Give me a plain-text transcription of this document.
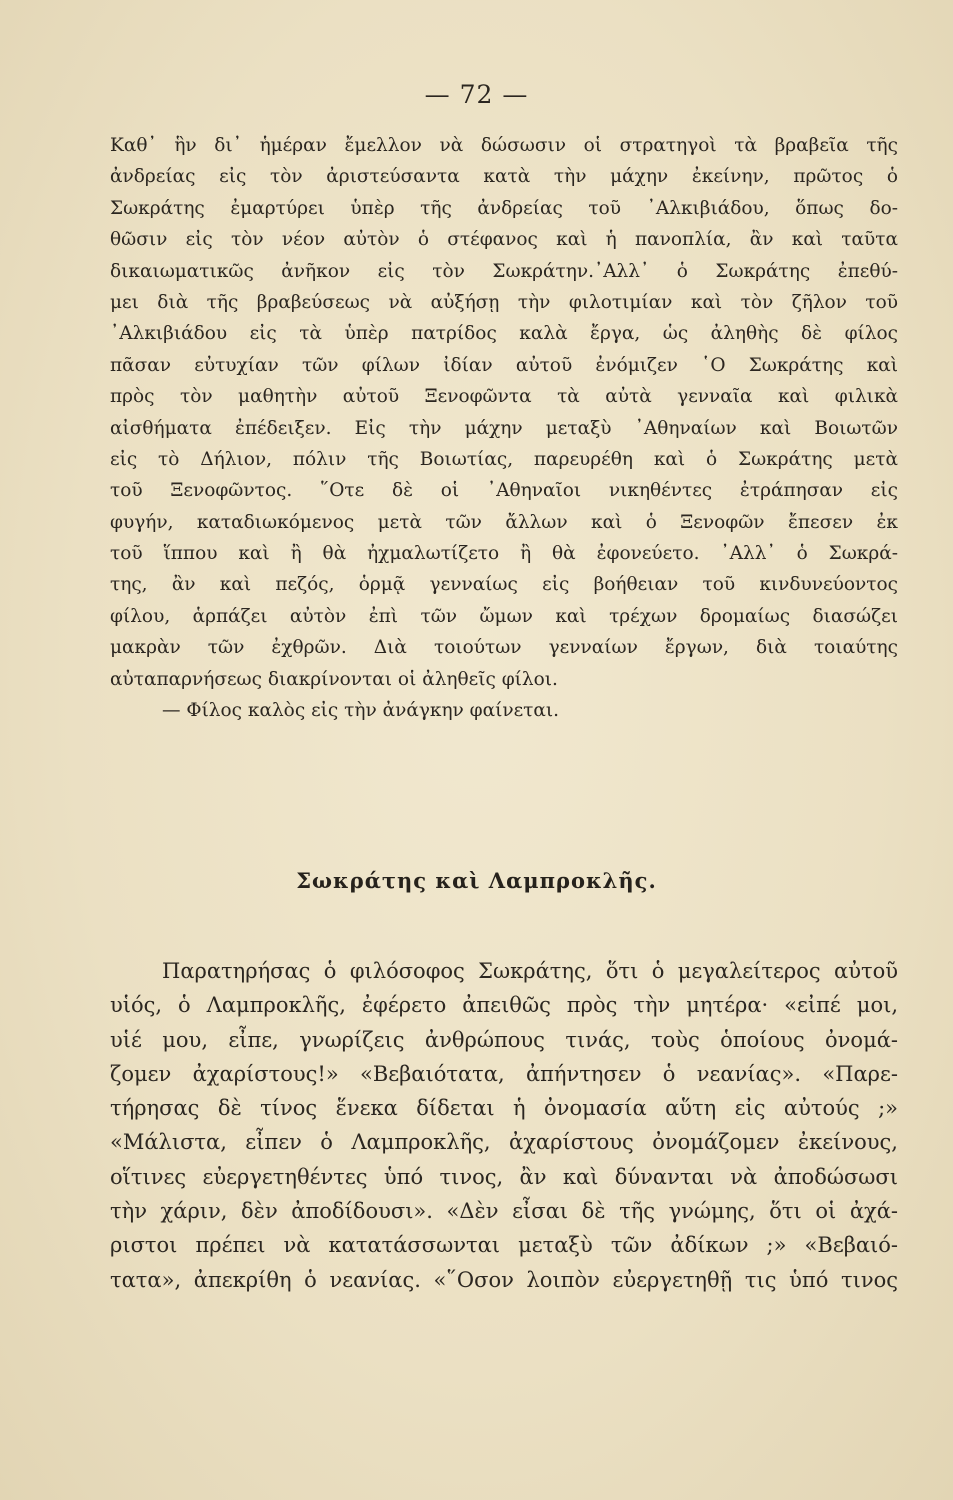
— 72 —
Καθ᾽ ἣν δι᾽ ἡμέραν ἔμελλον νὰ δώσωσιν οἱ στρατηγοὶ τὰ βραβεῖα τῆς
ἀνδρείας εἰς τὸν ἀριστεύσαντα κατὰ τὴν μάχην ἐκείνην, πρῶτος ὁ
Σωκράτης ἐμαρτύρει ὑπὲρ τῆς ἀνδρείας τοῦ ᾽Αλκιβιάδου, ὅπως δο-
θῶσιν εἰς τὸν νέον αὐτὸν ὁ στέφανος καὶ ἡ πανοπλία, ἂν καὶ ταῦτα
δικαιωματικῶς ἀνῆκον εἰς τὸν Σωκράτην.᾽Αλλ᾽ ὁ Σωκράτης ἐπεθύ-
μει διὰ τῆς βραβεύσεως νὰ αὐξήσῃ τὴν φιλοτιμίαν καὶ τὸν ζῆλον τοῦ
᾽Αλκιβιάδου εἰς τὰ ὑπὲρ πατρίδος καλὰ ἔργα, ὡς ἀληθὴς δὲ φίλος
πᾶσαν εὐτυχίαν τῶν φίλων ἰδίαν αὐτοῦ ἐνόμιζεν ῾Ο Σωκράτης καὶ
πρὸς τὸν μαθητὴν αὐτοῦ Ξενοφῶντα τὰ αὐτὰ γενναῖα καὶ φιλικὰ
αἰσθήματα ἐπέδειξεν. Εἰς τὴν μάχην μεταξὺ ᾽Αθηναίων καὶ Βοιωτῶν
εἰς τὸ Δήλιον, πόλιν τῆς Βοιωτίας, παρευρέθη καὶ ὁ Σωκράτης μετὰ
τοῦ Ξενοφῶντος. ῞Οτε δὲ οἱ ᾽Αθηναῖοι νικηθέντες ἐτράπησαν εἰς
φυγήν, καταδιωκόμενος μετὰ τῶν ἄλλων καὶ ὁ Ξενοφῶν ἔπεσεν ἐκ
τοῦ ἵππου καὶ ἢ θὰ ἠχμαλωτίζετο ἢ θὰ ἐφονεύετο. ᾽Αλλ᾽ ὁ Σωκρά-
της, ἂν καὶ πεζός, ὁρμᾷ γενναίως εἰς βοήθειαν τοῦ κινδυνεύοντος
φίλου, ἁρπάζει αὐτὸν ἐπὶ τῶν ὤμων καὶ τρέχων δρομαίως διασώζει
μακρὰν τῶν ἐχθρῶν. Διὰ τοιούτων γενναίων ἔργων, διὰ τοιαύτης
αὐταπαρνήσεως διακρίνονται οἱ ἀληθεῖς φίλοι.
— Φίλος καλὸς εἰς τὴν ἀνάγκην φαίνεται.
Σωκράτης καὶ Λαμπροκλῆς.
Παρατηρήσας ὁ φιλόσοφος Σωκράτης, ὅτι ὁ μεγαλείτερος αὐτοῦ
υἱός, ὁ Λαμπροκλῆς, ἐφέρετο ἀπειθῶς πρὸς τὴν μητέρα· «εἰπέ μοι,
υἱέ μου, εἶπε, γνωρίζεις ἀνθρώπους τινάς, τοὺς ὁποίους ὀνομά-
ζομεν ἀχαρίστους!» «Βεβαιότατα, ἀπήντησεν ὁ νεανίας». «Παρε-
τήρησας δὲ τίνος ἕνεκα δίδεται ἡ ὀνομασία αὕτη εἰς αὐτούς ;»
«Μάλιστα, εἶπεν ὁ Λαμπροκλῆς, ἀχαρίστους ὀνομάζομεν ἐκείνους,
οἵτινες εὐεργετηθέντες ὑπό τινος, ἂν καὶ δύνανται νὰ ἀποδώσωσι
τὴν χάριν, δὲν ἀποδίδουσι». «Δὲν εἶσαι δὲ τῆς γνώμης, ὅτι οἱ ἀχά-
ριστοι πρέπει νὰ κατατάσσωνται μεταξὺ τῶν ἀδίκων ;» «Βεβαιό-
τατα», ἀπεκρίθη ὁ νεανίας. «῞Οσον λοιπὸν εὐεργετηθῇ τις ὑπό τινος
